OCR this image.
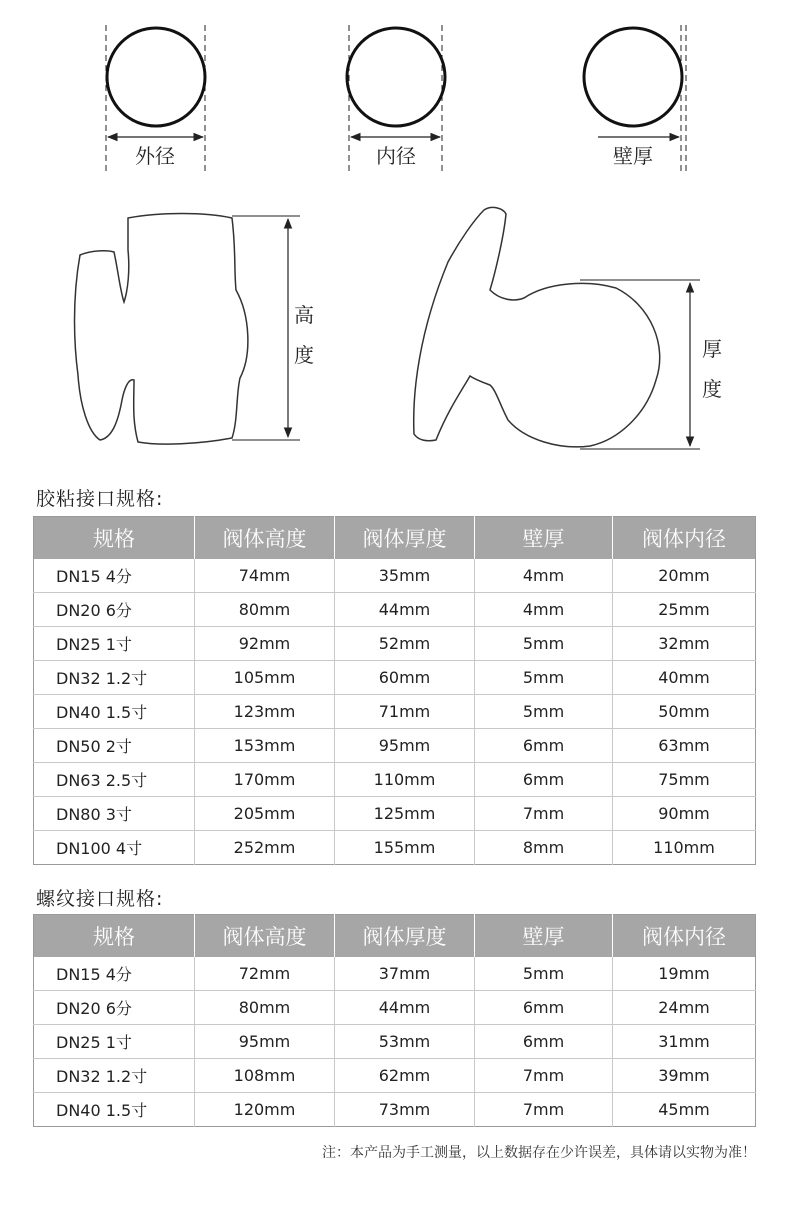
外径	内径	壁厚
高
度	厚
度
胶粘接口规格:
规格	阀体高度	阀体厚度	壁厚	阀体内径
DN15 4分	74mm	35mm	4mm	20mm
DN20 6分	80mm	44mm	4mm	25mm
DN25 1寸	92mm	52mm	5mm	32mm
DN32 1.2寸	105mm	60mm	5mm	40mm
DN40 1.5寸	123mm	71mm	5mm	50mm
DN50 2寸	153mm	95mm	6mm	63mm
DN63 2.5寸	170mm	110mm	6mm	75mm
DN80 3寸	205mm	125mm	7mm	90mm
DN100 4寸	252mm	155mm	8mm	110mm
螺纹接口规格:
规格	阀体高度	阀体厚度	壁厚	阀体内径
DN15 4分	72mm	37mm	5mm	19mm
DN20 6分	80mm	44mm	6mm	24mm
DN25 1寸	95mm	53mm	6mm	31mm
DN32 1.2寸	108mm	62mm	7mm	39mm
DN40 1.5寸	120mm	73mm	7mm	45mm
注：本产品为手工测量，以上数据存在少许误差，具体请以实物为准！
